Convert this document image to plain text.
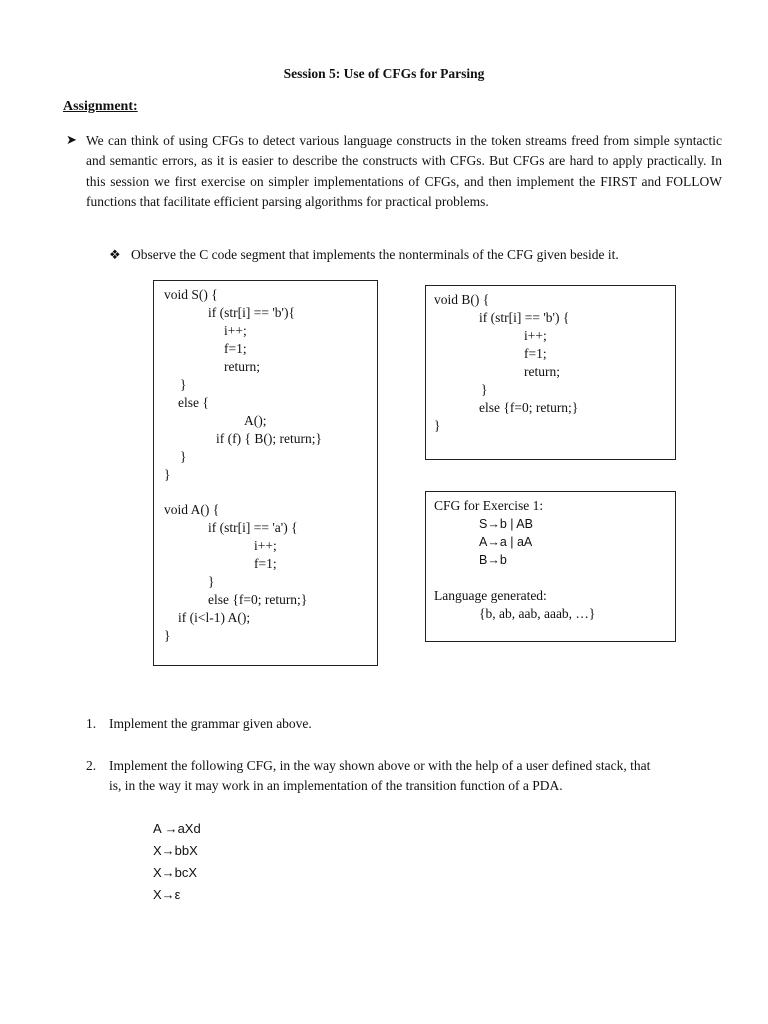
Session 5: Use of CFGs for Parsing
Assignment:
➤ We can think of using CFGs to detect various language constructs in the token streams freed from simple syntactic and semantic errors, as it is easier to describe the constructs with CFGs. But CFGs are hard to apply practically. In this session we first exercise on simpler implementations of CFGs, and then implement the FIRST and FOLLOW functions that facilitate efficient parsing algorithms for practical problems.
❖ Observe the C code segment that implements the nonterminals of the CFG given beside it.
void S() {
if (str[i] == 'b'){
i++;
f=1;
return;
}
else {
A();
if (f) { B(); return;}
}
}
void A() {
if (str[i] == 'a') {
i++;
f=1;
}
else {f=0; return;}
if (i<l-1) A();
}
void B() {
if (str[i] == 'b') {
i++;
f=1;
return;
}
else {f=0; return;}
}
CFG for Exercise 1:
S→b | AB
A→a | aA
B→b
Language generated:
{b, ab, aab, aaab, …}
1. Implement the grammar given above.
2. Implement the following CFG, in the way shown above or with the help of a user defined stack, that
is, in the way it may work in an implementation of the transition function of a PDA.
A →aXd
X→bbX
X→bcX
X→ε
